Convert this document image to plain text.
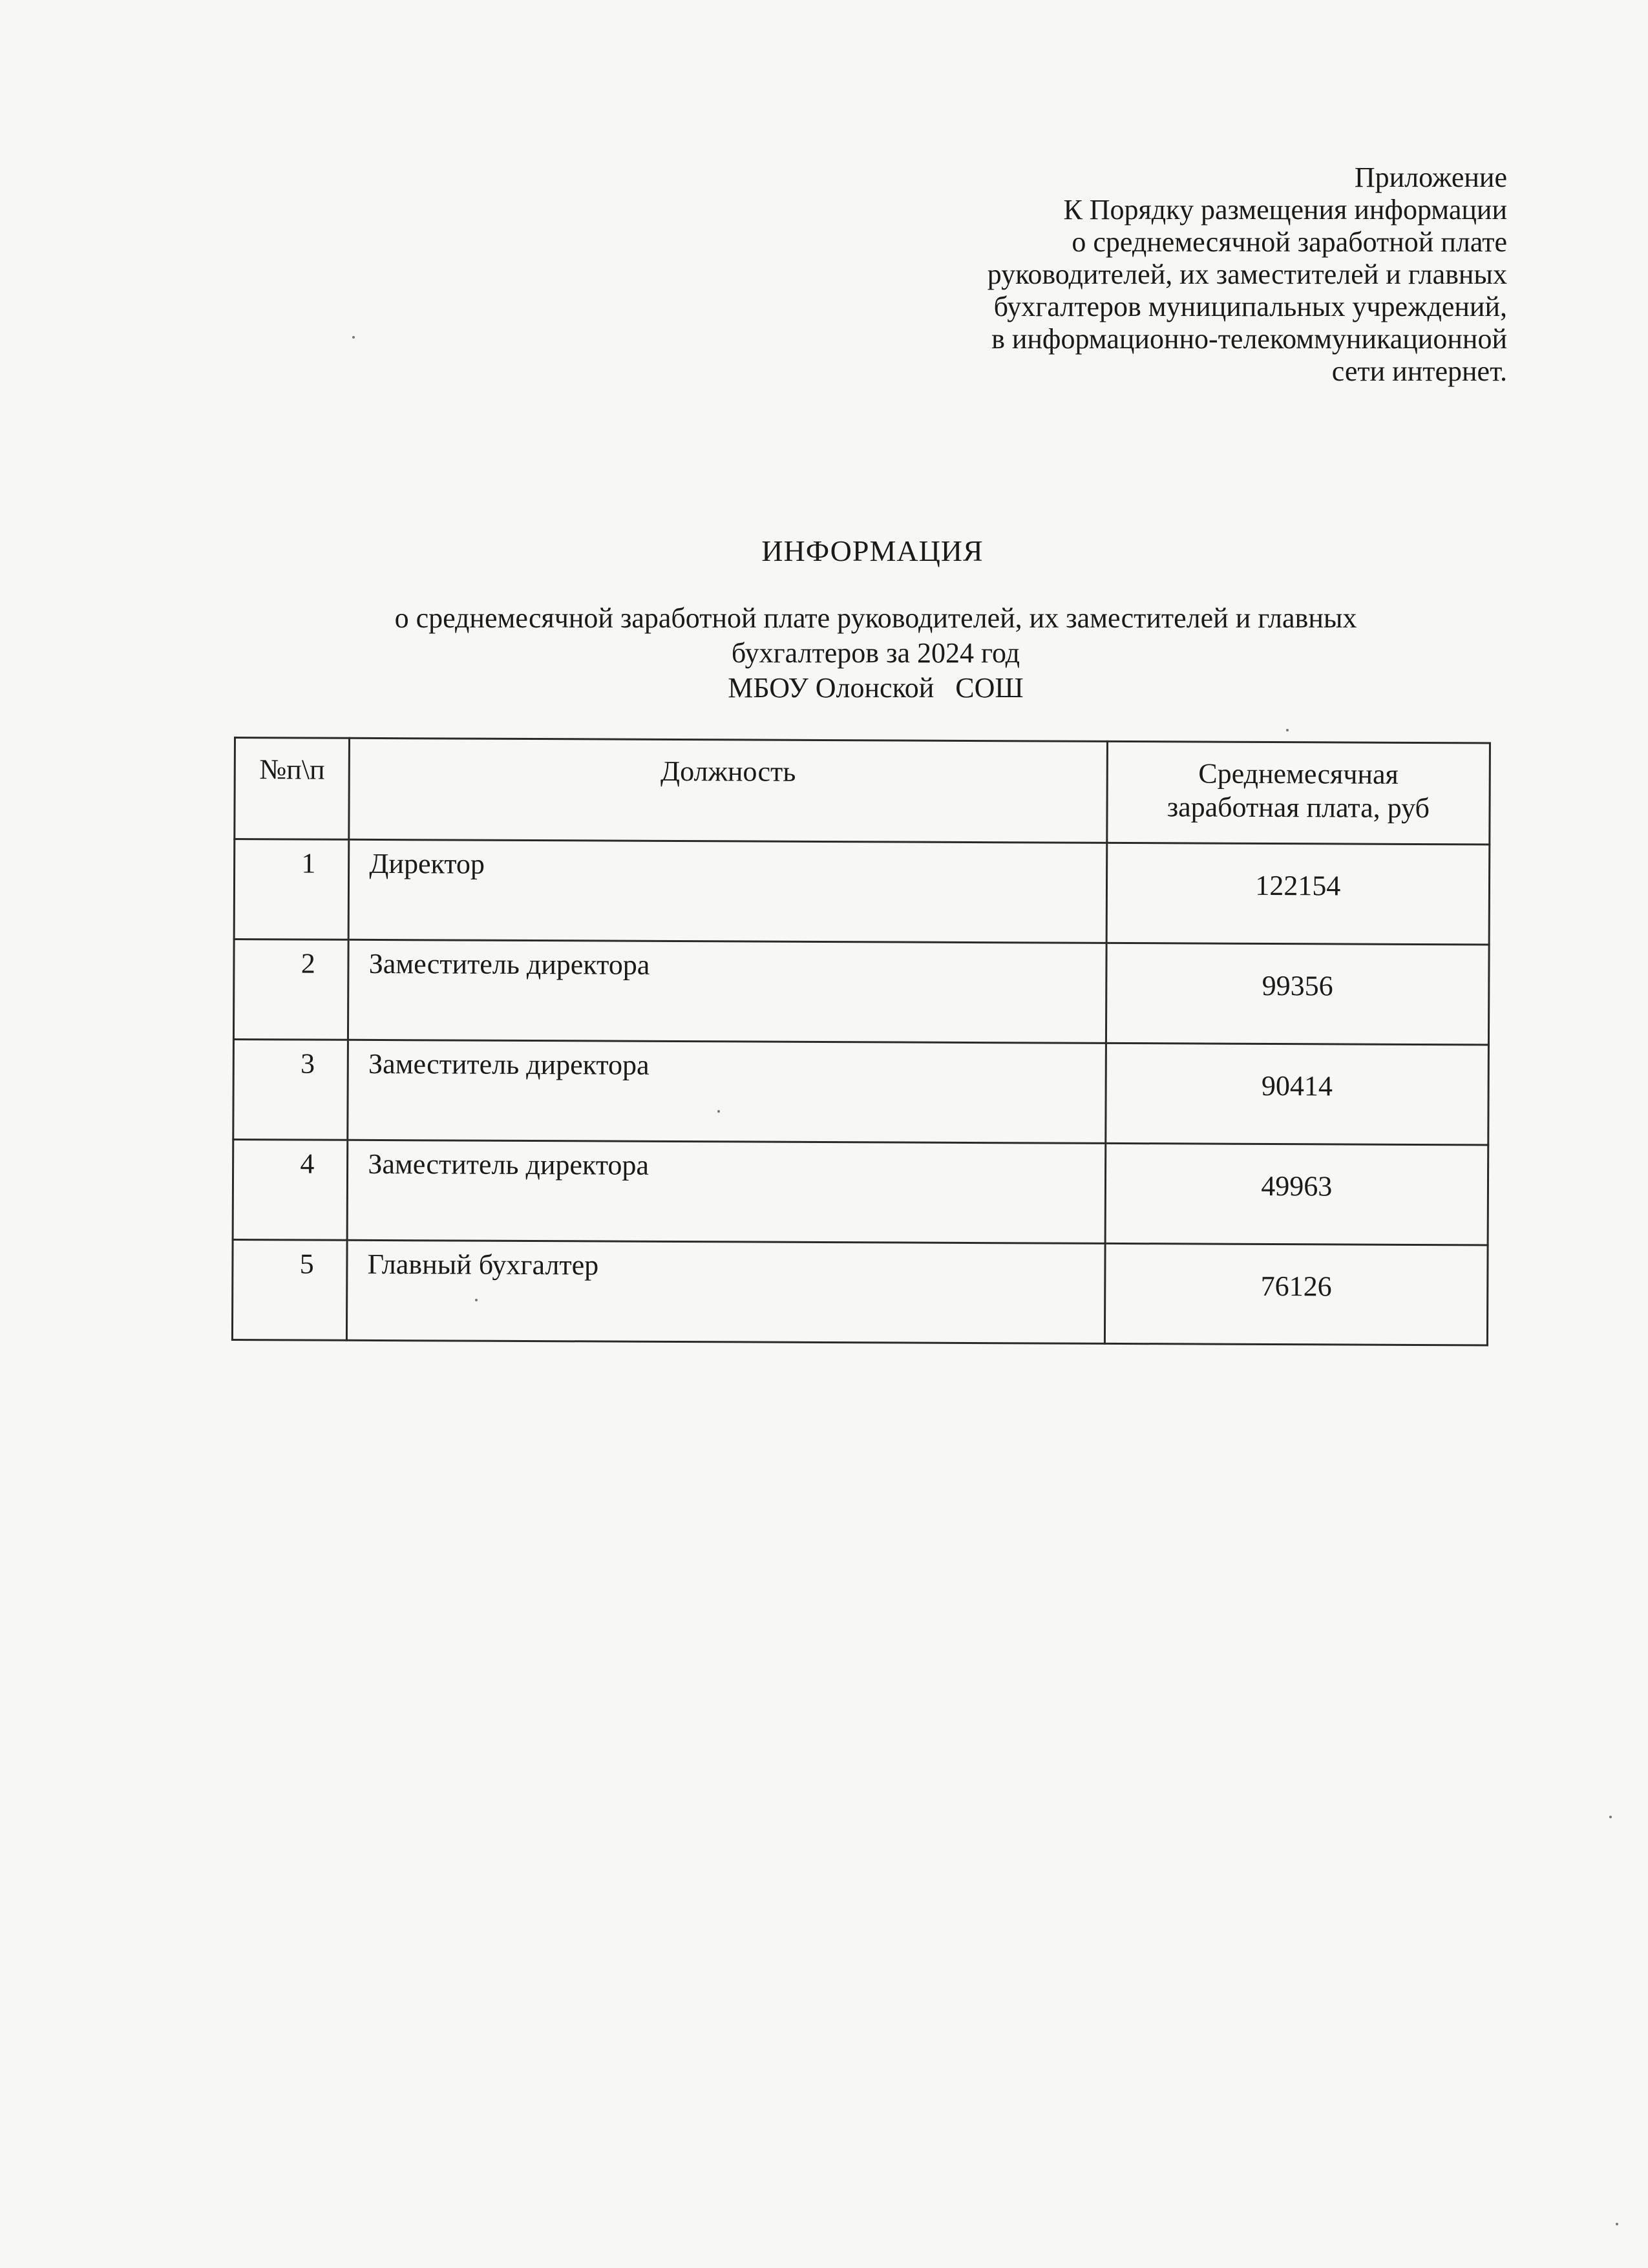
Приложение
К Порядку размещения информации
о среднемесячной заработной плате
руководителей, их заместителей и главных
бухгалтеров муниципальных учреждений,
в информационно-телекоммуникационной
сети интернет.
ИНФОРМАЦИЯ
о среднемесячной заработной плате руководителей, их заместителей и главных
бухгалтеров за 2024 год
МБОУ Олонской   СОШ
№п\п	Должность	Среднемесячная
заработная плата, руб

1	Директор	122154
2	Заместитель директора	99356
3	Заместитель директора	90414
4	Заместитель директора	49963
5	Главный бухгалтер	76126
